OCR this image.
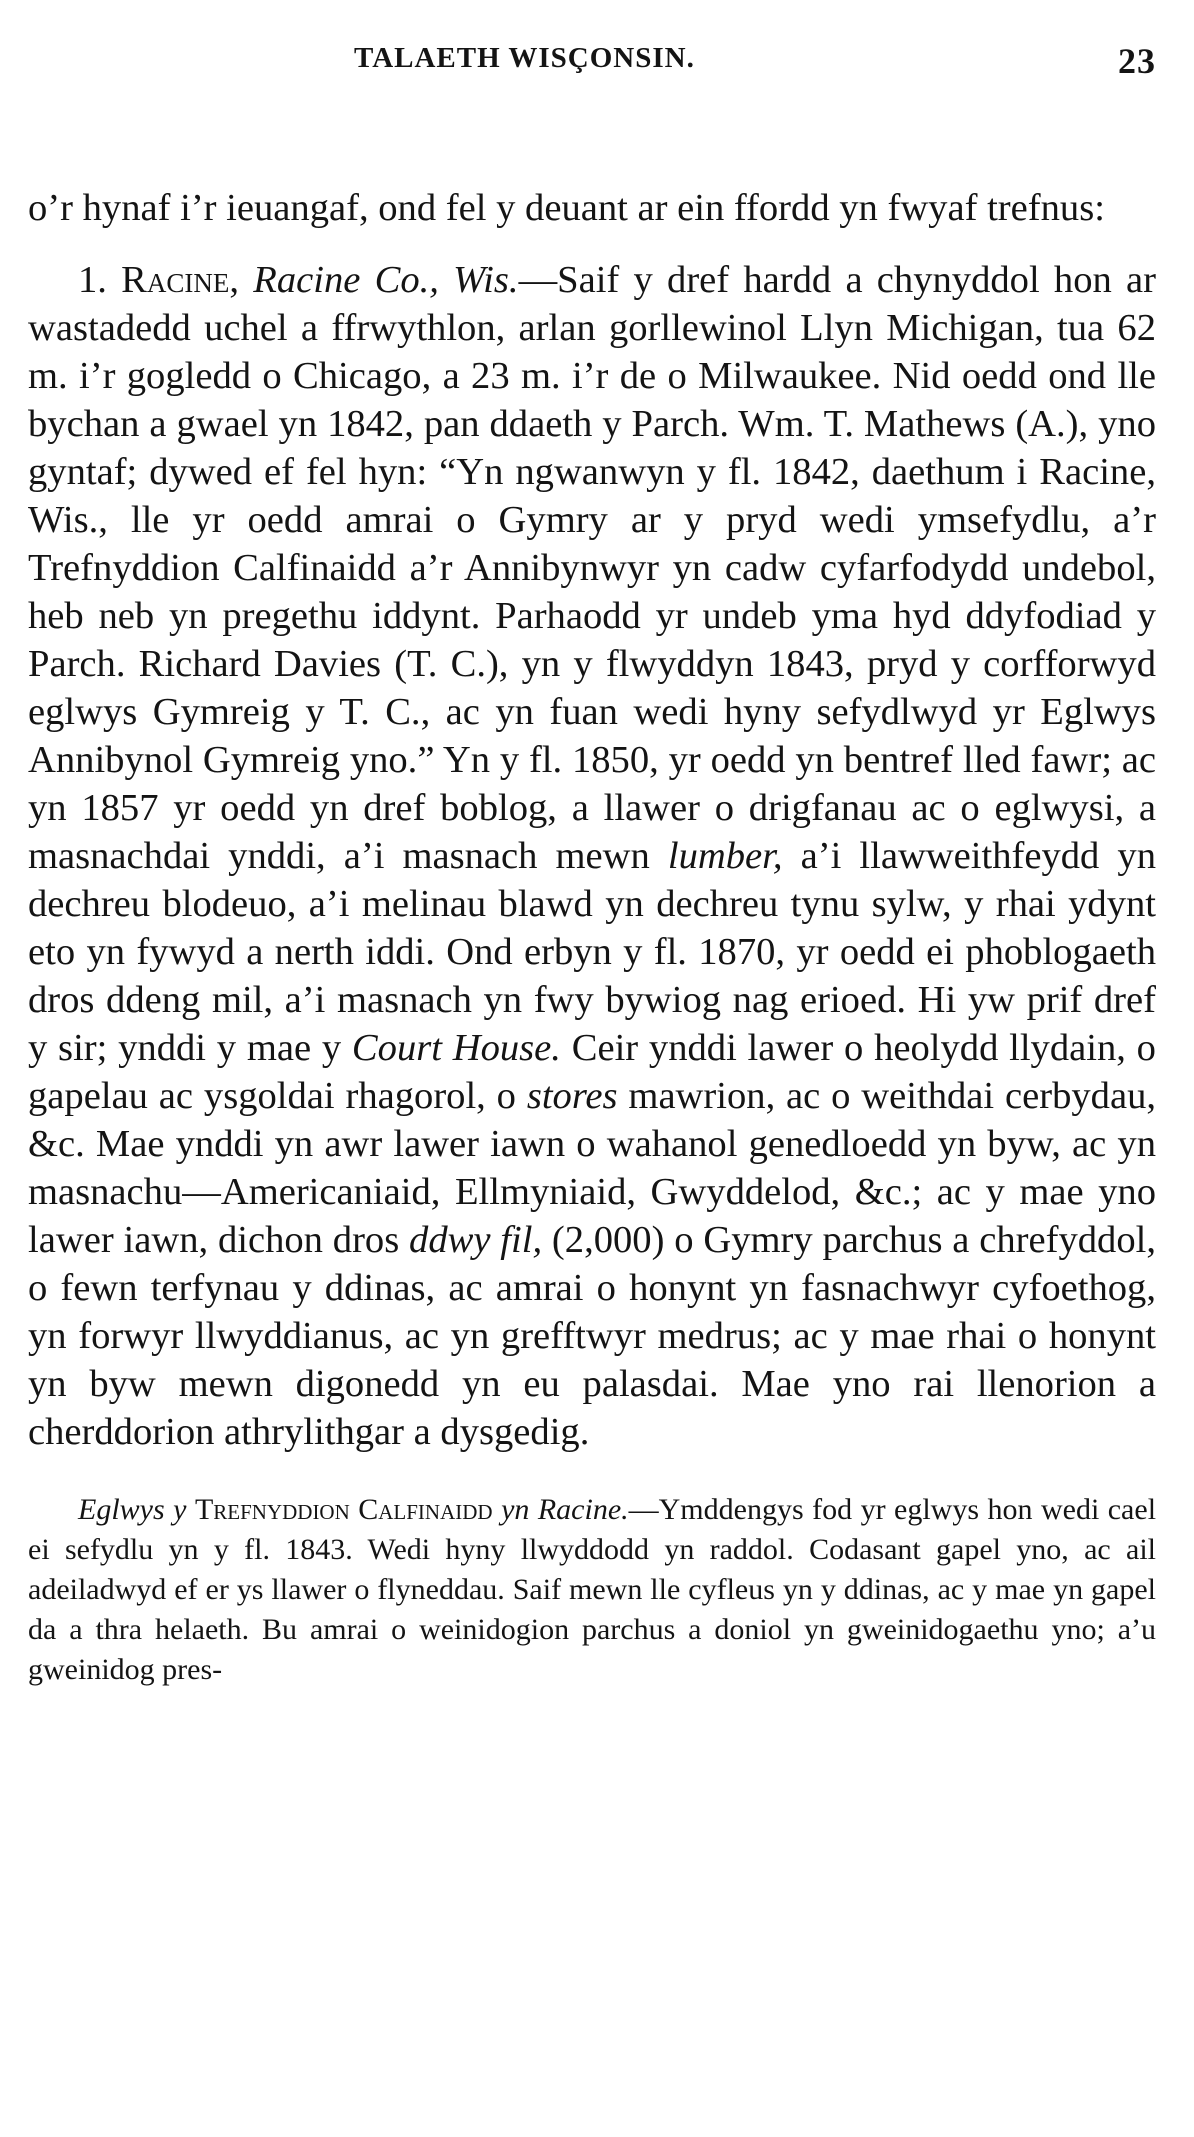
TALAETH WISÇONSIN.	23

o’r hynaf i’r ieuangaf, ond fel y deuant ar ein ffordd yn fwyaf trefnus:

1. Racine, Racine Co., Wis.—Saif y dref hardd a chynyddol hon ar wastadedd uchel a ffrwythlon, arlan gorllewinol Llyn Michigan, tua 62 m. i’r gogledd o Chicago, a 23 m. i’r de o Milwaukee. Nid oedd ond lle bychan a gwael yn 1842, pan ddaeth y Parch. Wm. T. Mathews (A.), yno gyntaf; dywed ef fel hyn: “Yn ngwanwyn y fl. 1842, daethum i Racine, Wis., lle yr oedd amrai o Gymry ar y pryd wedi ymsefydlu, a’r Trefnyddion Calfinaidd a’r Annibynwyr yn cadw cyfarfodydd undebol, heb neb yn pregethu iddynt. Parhaodd yr undeb yma hyd ddyfodiad y Parch. Richard Davies (T. C.), yn y flwyddyn 1843, pryd y corfforwyd eglwys Gymreig y T. C., ac yn fuan wedi hyny sefydlwyd yr Eglwys Annibynol Gymreig yno.” Yn y fl. 1850, yr oedd yn bentref lled fawr; ac yn 1857 yr oedd yn dref boblog, a llawer o drigfanau ac o eglwysi, a masnachdai ynddi, a’i masnach mewn lumber, a’i llawweithfeydd yn dechreu blodeuo, a’i melinau blawd yn dechreu tynu sylw, y rhai ydynt eto yn fywyd a nerth iddi. Ond erbyn y fl. 1870, yr oedd ei phoblogaeth dros ddeng mil, a’i masnach yn fwy bywiog nag erioed. Hi yw prif dref y sir; ynddi y mae y Court House. Ceir ynddi lawer o heolydd llydain, o gapelau ac ysgoldai rhagorol, o stores mawrion, ac o weithdai cerbydau, &c. Mae ynddi yn awr lawer iawn o wahanol genedloedd yn byw, ac yn masnachu—Americaniaid, Ellmyniaid, Gwyddelod, &c.; ac y mae yno lawer iawn, dichon dros ddwy fil, (2,000) o Gymry parchus a chrefyddol, o fewn terfynau y ddinas, ac amrai o honynt yn fasnachwyr cyfoethog, yn forwyr llwyddianus, ac yn grefftwyr medrus; ac y mae rhai o honynt yn byw mewn digonedd yn eu palasdai. Mae yno rai llenorion a cherddorion athrylithgar a dysgedig.

Eglwys y Trefnyddion Calfinaidd yn Racine.—Ymddengys fod yr eglwys hon wedi cael ei sefydlu yn y fl. 1843. Wedi hyny llwyddodd yn raddol. Codasant gapel yno, ac ail adeiladwyd ef er ys llawer o flyneddau. Saif mewn lle cyfleus yn y ddinas, ac y mae yn gapel da a thra helaeth. Bu amrai o weinidogion parchus a doniol yn gweinidogaethu yno; a’u gweinidog pres-
